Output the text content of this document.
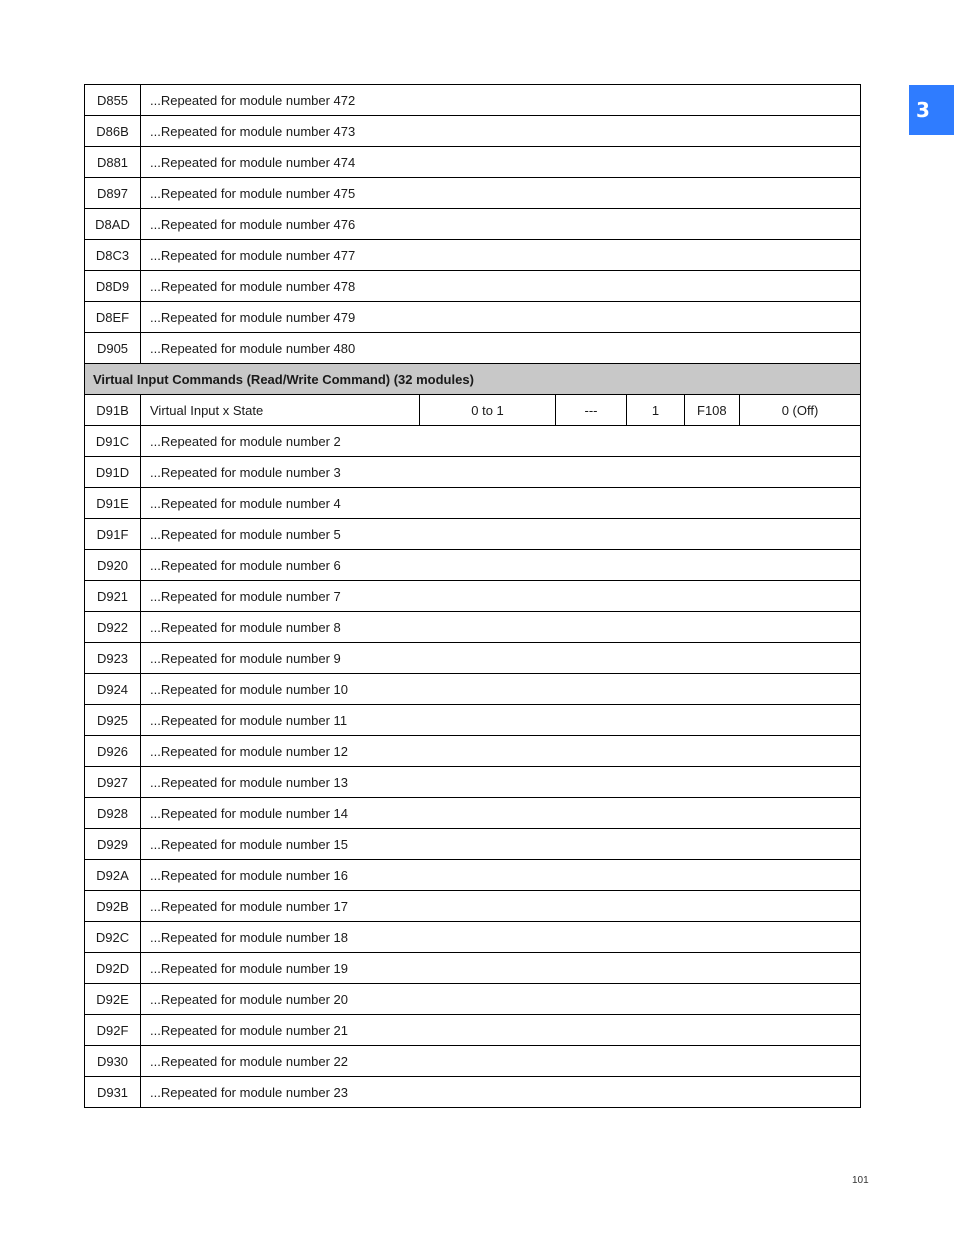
3
D855	...Repeated for module number 472					
D86B	...Repeated for module number 473					
D881	...Repeated for module number 474					
D897	...Repeated for module number 475					
D8AD	...Repeated for module number 476					
D8C3	...Repeated for module number 477					
D8D9	...Repeated for module number 478					
D8EF	...Repeated for module number 479					
D905	...Repeated for module number 480					
Virtual Input Commands (Read/Write Command) (32 modules)						
D91B	Virtual Input x State	0 to 1	---	1	F108	0 (Off)
D91C	...Repeated for module number 2					
D91D	...Repeated for module number 3					
D91E	...Repeated for module number 4					
D91F	...Repeated for module number 5					
D920	...Repeated for module number 6					
D921	...Repeated for module number 7					
D922	...Repeated for module number 8					
D923	...Repeated for module number 9					
D924	...Repeated for module number 10					
D925	...Repeated for module number 11					
D926	...Repeated for module number 12					
D927	...Repeated for module number 13					
D928	...Repeated for module number 14					
D929	...Repeated for module number 15					
D92A	...Repeated for module number 16					
D92B	...Repeated for module number 17					
D92C	...Repeated for module number 18					
D92D	...Repeated for module number 19					
D92E	...Repeated for module number 20					
D92F	...Repeated for module number 21					
D930	...Repeated for module number 22					
D931	...Repeated for module number 23					
101
